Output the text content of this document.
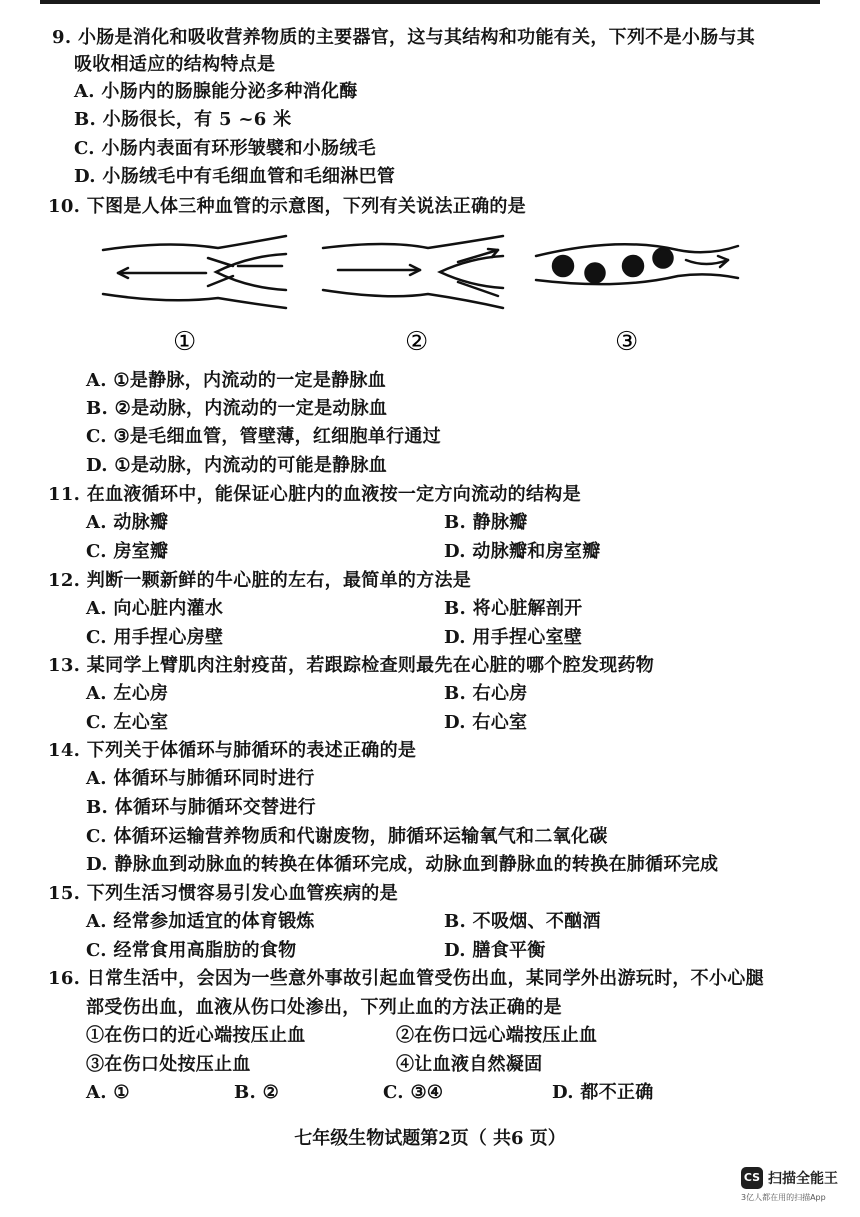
9. 小肠是消化和吸收营养物质的主要器官，这与其结构和功能有关，下列不是小肠与其
吸收相适应的结构特点是
A. 小肠内的肠腺能分泌多种消化酶
B. 小肠很长，有 5 ~6 米
C. 小肠内表面有环形皱襞和小肠绒毛
D. 小肠绒毛中有毛细血管和毛细淋巴管
10. 下图是人体三种血管的示意图，下列有关说法正确的是
①	②	③
A. ①是静脉，内流动的一定是静脉血
B. ②是动脉，内流动的一定是动脉血
C. ③是毛细血管，管壁薄，红细胞单行通过
D. ①是动脉，内流动的可能是静脉血
11. 在血液循环中，能保证心脏内的血液按一定方向流动的结构是
A. 动脉瓣	B. 静脉瓣
C. 房室瓣	D. 动脉瓣和房室瓣
12. 判断一颗新鲜的牛心脏的左右，最简单的方法是
A. 向心脏内灌水	B. 将心脏解剖开
C. 用手捏心房壁	D. 用手捏心室壁
13. 某同学上臂肌肉注射疫苗，若跟踪检查则最先在心脏的哪个腔发现药物
A. 左心房	B. 右心房
C. 左心室	D. 右心室
14. 下列关于体循环与肺循环的表述正确的是
A. 体循环与肺循环同时进行
B. 体循环与肺循环交替进行
C. 体循环运输营养物质和代谢废物，肺循环运输氧气和二氧化碳
D. 静脉血到动脉血的转换在体循环完成，动脉血到静脉血的转换在肺循环完成
15. 下列生活习惯容易引发心血管疾病的是
A. 经常参加适宜的体育锻炼	B. 不吸烟、不酗酒
C. 经常食用高脂肪的食物	D. 膳食平衡
16. 日常生活中，会因为一些意外事故引起血管受伤出血，某同学外出游玩时，不小心腿
部受伤出血，血液从伤口处渗出，下列止血的方法正确的是
①在伤口的近心端按压止血	②在伤口远心端按压止血
③在伤口处按压止血	④让血液自然凝固
A. ①	B. ②	C. ③④	D. 都不正确
七年级生物试题第2页（ 共6 页）
CS 扫描全能王
3亿人都在用的扫描App
